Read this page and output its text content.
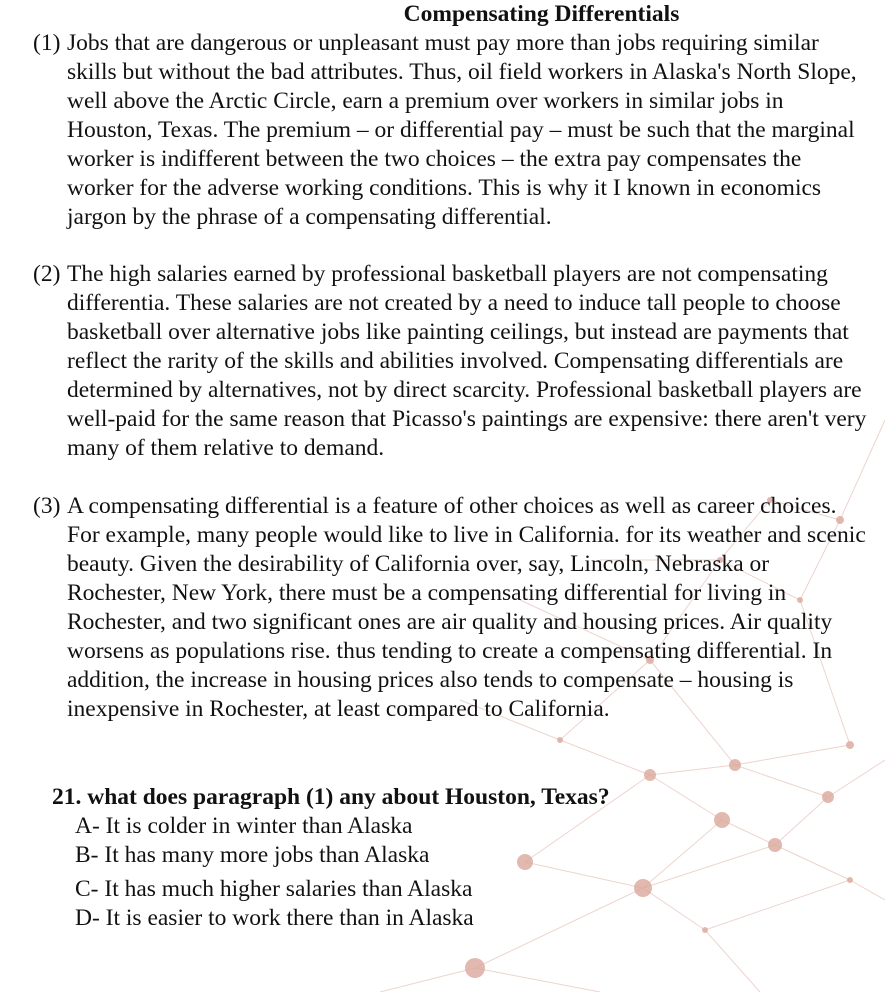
Compensating Differentials
(1) Jobs that are dangerous or unpleasant must pay more than jobs requiring similar skills but without the bad attributes. Thus, oil field workers in Alaska's North Slope, well above the Arctic Circle, earn a premium over workers in similar jobs in Houston, Texas. The premium – or differential pay – must be such that the marginal worker is indifferent between the two choices – the extra pay compensates the worker for the adverse working conditions. This is why it I known in economics jargon by the phrase of a compensating differential.
(2) The high salaries earned by professional basketball players are not compensating differentia. These salaries are not created by a need to induce tall people to choose basketball over alternative jobs like painting ceilings, but instead are payments that reflect the rarity of the skills and abilities involved. Compensating differentials are determined by alternatives, not by direct scarcity. Professional basketball players are well-paid for the same reason that Picasso's paintings are expensive: there aren't very many of them relative to demand.
(3) A compensating differential is a feature of other choices as well as career choices. For example, many people would like to live in California. for its weather and scenic beauty. Given the desirability of California over, say, Lincoln, Nebraska or Rochester, New York, there must be a compensating differential for living in Rochester, and two significant ones are air quality and housing prices. Air quality worsens as populations rise. thus tending to create a compensating differential. In addition, the increase in housing prices also tends to compensate – housing is inexpensive in Rochester, at least compared to California.
21. what does paragraph (1) any about Houston, Texas?
A- It is colder in winter than Alaska
B- It has many more jobs than Alaska
C- It has much higher salaries than Alaska
D- It is easier to work there than in Alaska
